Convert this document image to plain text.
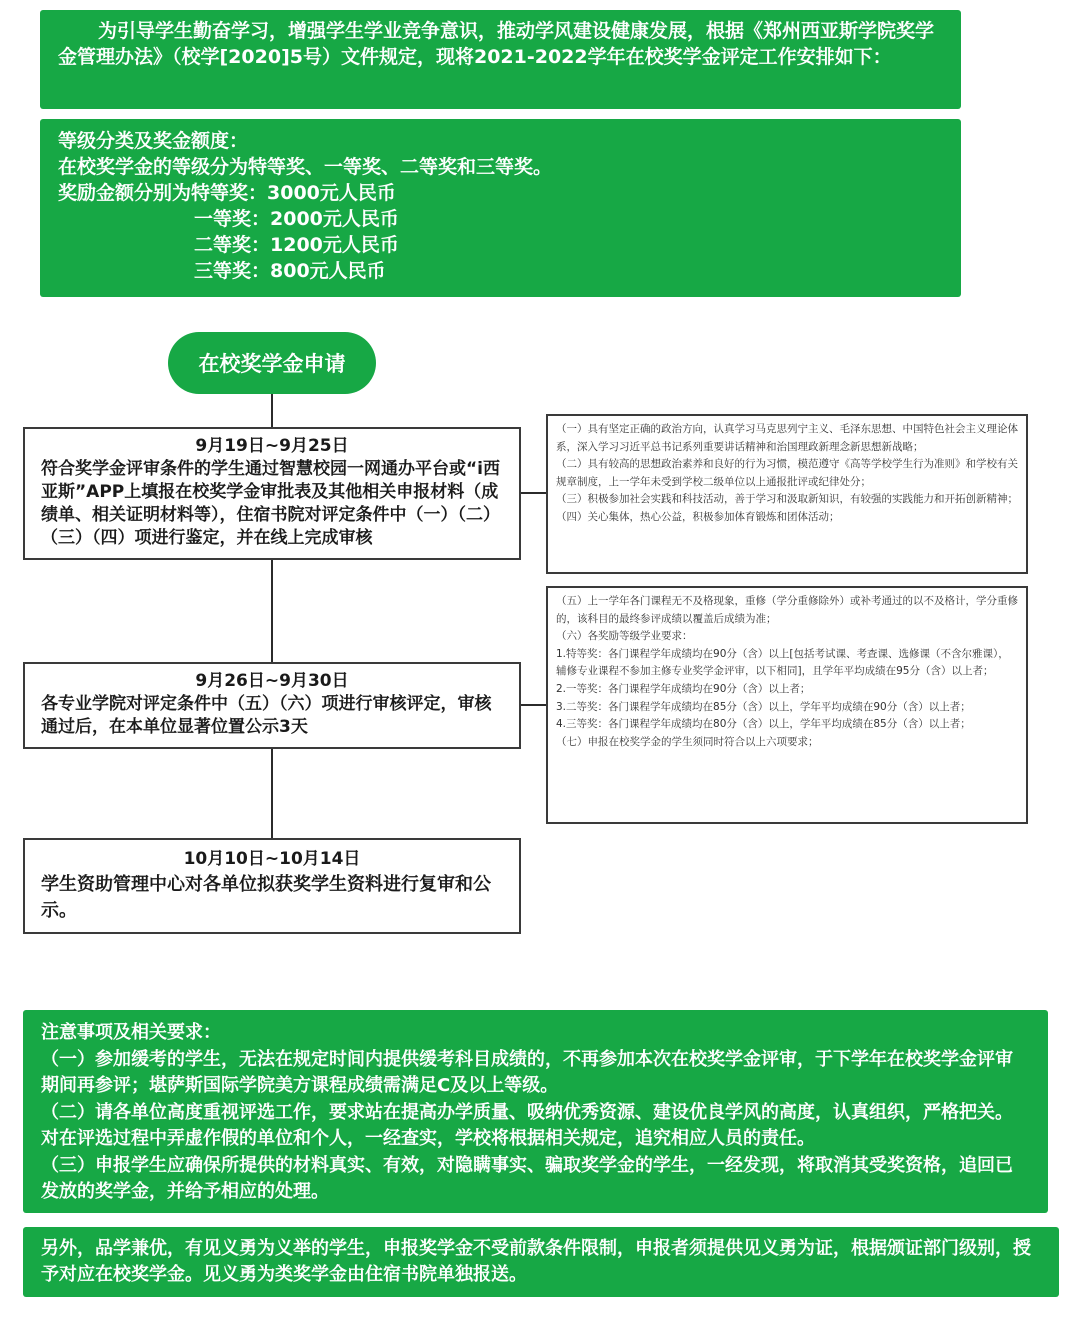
为引导学生勤奋学习，增强学生学业竞争意识，推动学风建设健康发展，根据《郑州西亚斯学院奖学金管理办法》（校学[2020]5号）文件规定，现将2021-2022学年在校奖学金评定工作安排如下：

等级分类及奖金额度：
在校奖学金的等级分为特等奖、一等奖、二等奖和三等奖。
奖励金额分别为特等奖：3000元人民币
一等奖：2000元人民币
二等奖：1200元人民币
三等奖：800元人民币
在校奖学金申请
9月19日~9月25日
符合奖学金评审条件的学生通过智慧校园一网通办平台或“i西亚斯”APP上填报在校奖学金审批表及其他相关申报材料（成绩单、相关证明材料等），住宿书院对评定条件中（一）（二）（三）（四）项进行鉴定，并在线上完成审核
9月26日~9月30日
各专业学院对评定条件中（五）（六）项进行审核评定，审核通过后，在本单位显著位置公示3天
10月10日~10月14日
学生资助管理中心对各单位拟获奖学生资料进行复审和公示。
（一）具有坚定正确的政治方向，认真学习马克思列宁主义、毛泽东思想、中国特色社会主义理论体系，深入学习习近平总书记系列重要讲话精神和治国理政新理念新思想新战略；
（二）具有较高的思想政治素养和良好的行为习惯，模范遵守《高等学校学生行为准则》和学校有关规章制度，上一学年未受到学校二级单位以上通报批评或纪律处分；
（三）积极参加社会实践和科技活动，善于学习和汲取新知识，有较强的实践能力和开拓创新精神；
（四）关心集体，热心公益，积极参加体育锻炼和团体活动；
（五）上一学年各门课程无不及格现象，重修（学分重修除外）或补考通过的以不及格计，学分重修的，该科目的最终参评成绩以覆盖后成绩为准；
（六）各奖励等级学业要求：
1.特等奖：各门课程学年成绩均在90分（含）以上[包括考试课、考查课、选修课（不含尔雅课），辅修专业课程不参加主修专业奖学金评审，以下相同]，且学年平均成绩在95分（含）以上者；
2.一等奖：各门课程学年成绩均在90分（含）以上者；
3.二等奖：各门课程学年成绩均在85分（含）以上，学年平均成绩在90分（含）以上者；
4.三等奖：各门课程学年成绩均在80分（含）以上，学年平均成绩在85分（含）以上者；
（七）申报在校奖学金的学生须同时符合以上六项要求；
注意事项及相关要求：
（一）参加缓考的学生，无法在规定时间内提供缓考科目成绩的，不再参加本次在校奖学金评审，于下学年在校奖学金评审期间再参评；堪萨斯国际学院美方课程成绩需满足C及以上等级。
（二）请各单位高度重视评选工作，要求站在提高办学质量、吸纳优秀资源、建设优良学风的高度，认真组织，严格把关。对在评选过程中弄虚作假的单位和个人，一经查实，学校将根据相关规定，追究相应人员的责任。
（三）申报学生应确保所提供的材料真实、有效，对隐瞒事实、骗取奖学金的学生，一经发现，将取消其受奖资格，追回已发放的奖学金，并给予相应的处理。
另外，品学兼优，有见义勇为义举的学生，申报奖学金不受前款条件限制，申报者须提供见义勇为证，根据颁证部门级别，授予对应在校奖学金。见义勇为类奖学金由住宿书院单独报送。
